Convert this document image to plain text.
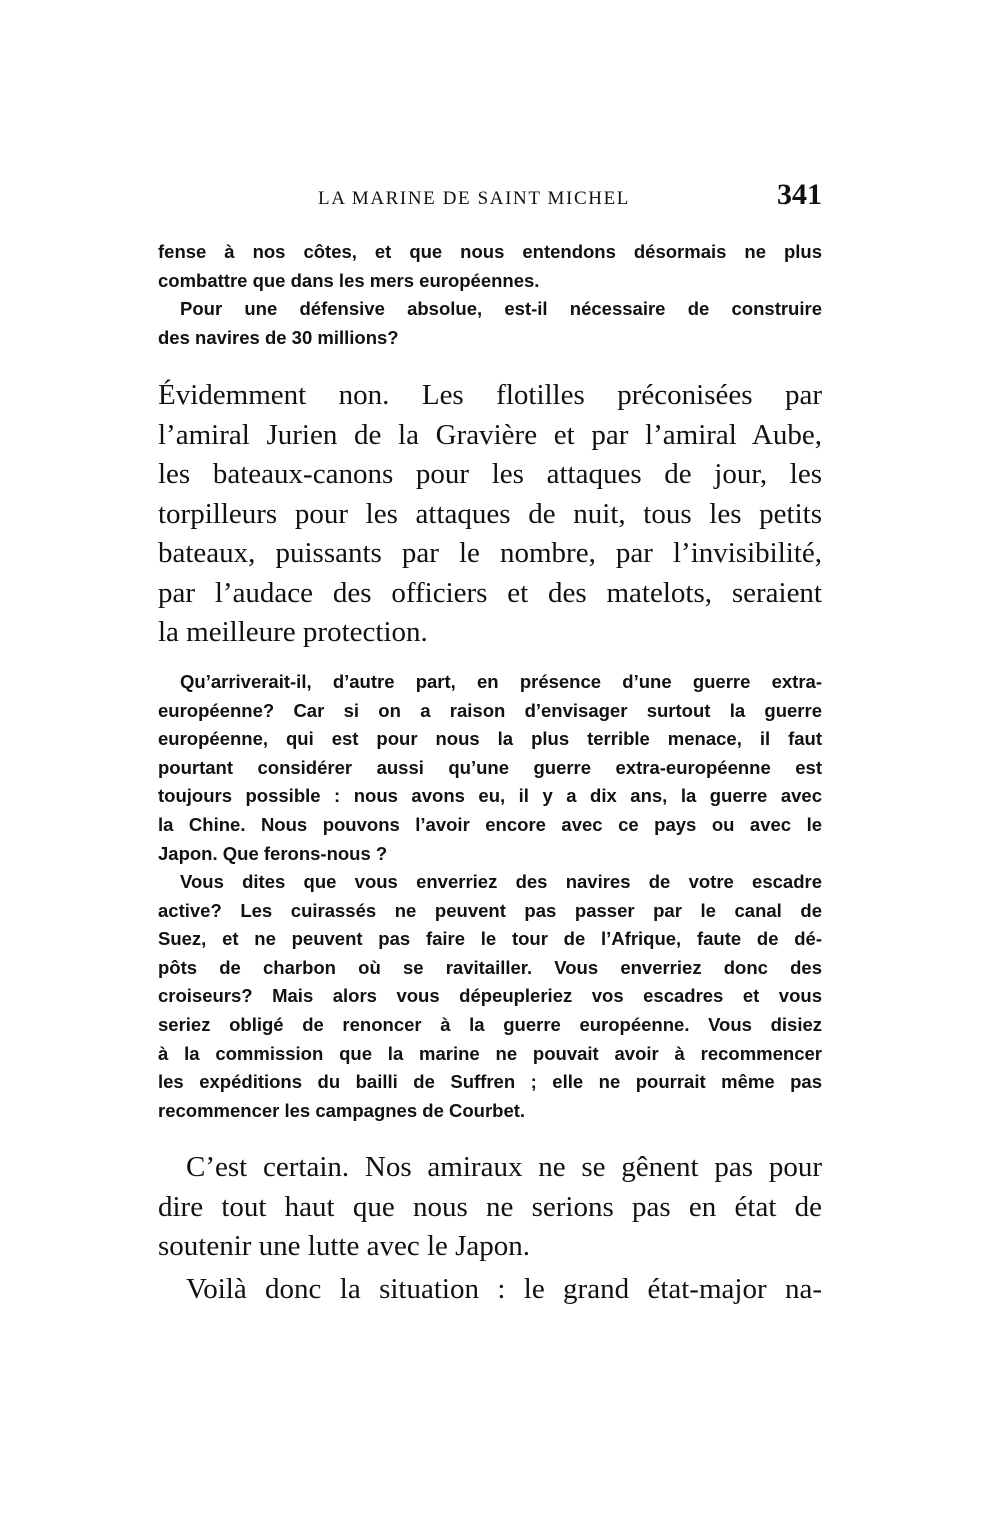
LA MARINE DE SAINT MICHEL	341

fense à nos côtes, et que nous entendons désormais ne plus
combattre que dans les mers européennes.

Pour une défensive absolue, est-il nécessaire de construire
des navires de 30 millions?

Évidemment non. Les flotilles préconisées par
l’amiral Jurien de la Gravière et par l’amiral Aube,
les bateaux-canons pour les attaques de jour, les
torpilleurs pour les attaques de nuit, tous les petits
bateaux, puissants par le nombre, par l’invisibilité,
par l’audace des officiers et des matelots, seraient
la meilleure protection.

Qu’arriverait-il, d’autre part, en présence d’une guerre extra-
européenne? Car si on a raison d’envisager surtout la guerre
européenne, qui est pour nous la plus terrible menace, il faut
pourtant considérer aussi qu’une guerre extra-européenne est
toujours possible : nous avons eu, il y a dix ans, la guerre avec
la Chine. Nous pouvons l’avoir encore avec ce pays ou avec le
Japon. Que ferons-nous ?

Vous dites que vous enverriez des navires de votre escadre
active? Les cuirassés ne peuvent pas passer par le canal de
Suez, et ne peuvent pas faire le tour de l’Afrique, faute de dé-
pôts de charbon où se ravitailler. Vous enverriez donc des
croiseurs? Mais alors vous dépeupleriez vos escadres et vous
seriez obligé de renoncer à la guerre européenne. Vous disiez
à la commission que la marine ne pouvait avoir à recommencer
les expéditions du bailli de Suffren ; elle ne pourrait même pas
recommencer les campagnes de Courbet.

C’est certain. Nos amiraux ne se gênent pas pour
dire tout haut que nous ne serions pas en état de
soutenir une lutte avec le Japon.

Voilà donc la situation : le grand état-major na-
